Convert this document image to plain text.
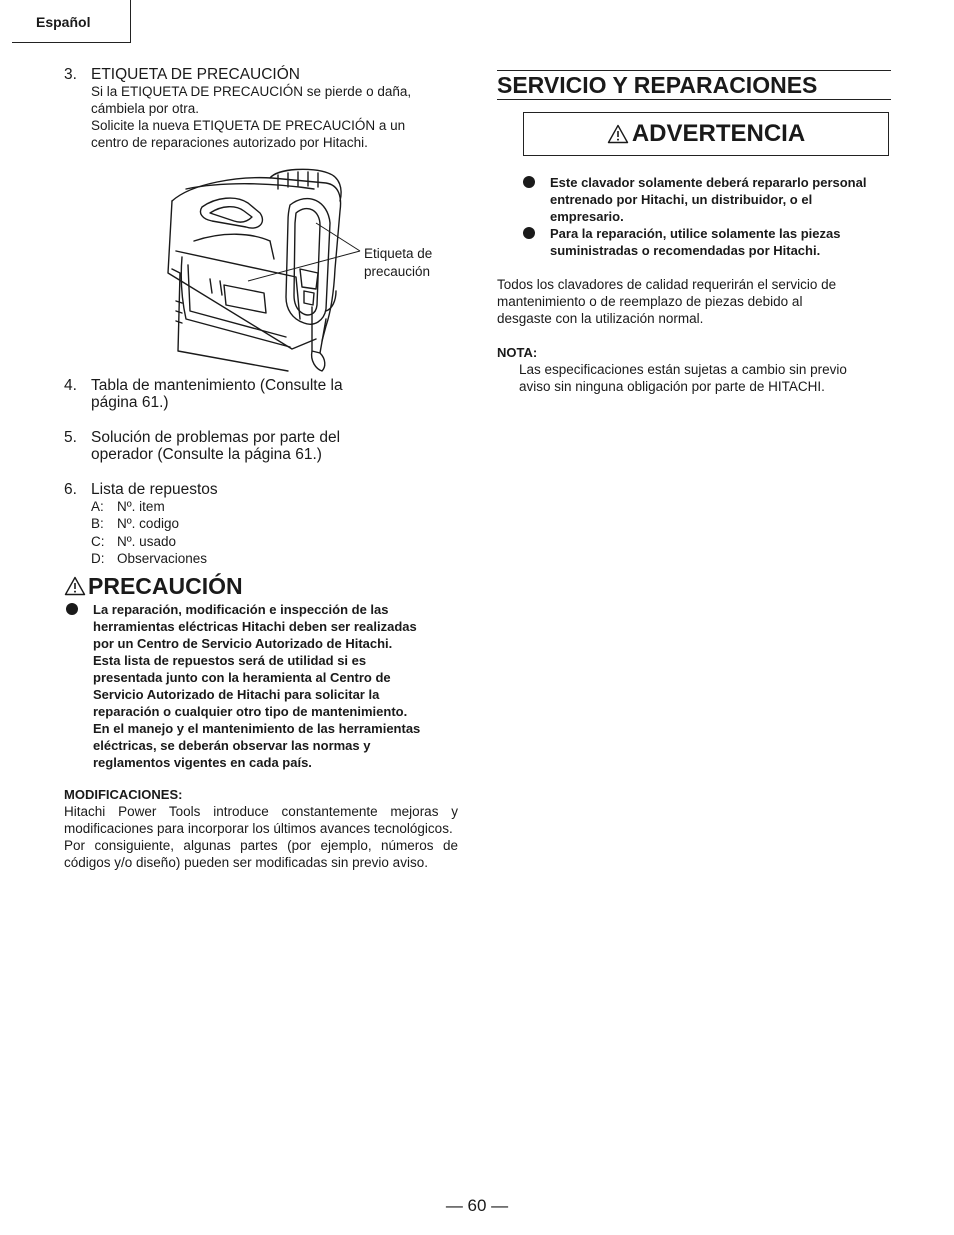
Español
3. ETIQUETA DE PRECAUCIÓN
Si la ETIQUETA DE PRECAUCIÓN se pierde o daña,
cámbiela por otra.
Solicite la nueva ETIQUETA DE PRECAUCIÓN a un
centro de reparaciones autorizado por Hitachi.
Etiqueta de
precaución
4. Tabla de mantenimiento (Consulte la
página 61.)
5. Solución de problemas por parte del
operador (Consulte la página 61.)
6. Lista de repuestos
A: Nº. item
B: Nº. codigo
C: Nº. usado
D: Observaciones
PRECAUCIÓN
La reparación, modificación e inspección de las
herramientas eléctricas Hitachi deben ser realizadas
por un Centro de Servicio Autorizado de Hitachi.
Esta lista de repuestos será de utilidad si es
presentada junto con la heramienta al Centro de
Servicio Autorizado de Hitachi para solicitar la
reparación o cualquier otro tipo de mantenimiento.
En el manejo y el mantenimiento de las herramientas
eléctricas, se deberán observar las normas y
reglamentos vigentes en cada país.
MODIFICACIONES:
Hitachi Power Tools introduce constantemente mejoras y modificaciones para incorporar los últimos avances tecnológicos.
Por consiguiente, algunas partes (por ejemplo, números de códigos y/o diseño) pueden ser modificadas sin previo aviso.
SERVICIO Y REPARACIONES
ADVERTENCIA
Este clavador solamente deberá repararlo personal
entrenado por Hitachi, un distribuidor, o el
empresario.
Para la reparación, utilice solamente las piezas
suministradas o recomendadas por Hitachi.
Todos los clavadores de calidad requerirán el servicio de
mantenimiento o de reemplazo de piezas debido al
desgaste con la utilización normal.
NOTA:
Las especificaciones están sujetas a cambio sin previo
aviso sin ninguna obligación por parte de HITACHI.
— 60 —
